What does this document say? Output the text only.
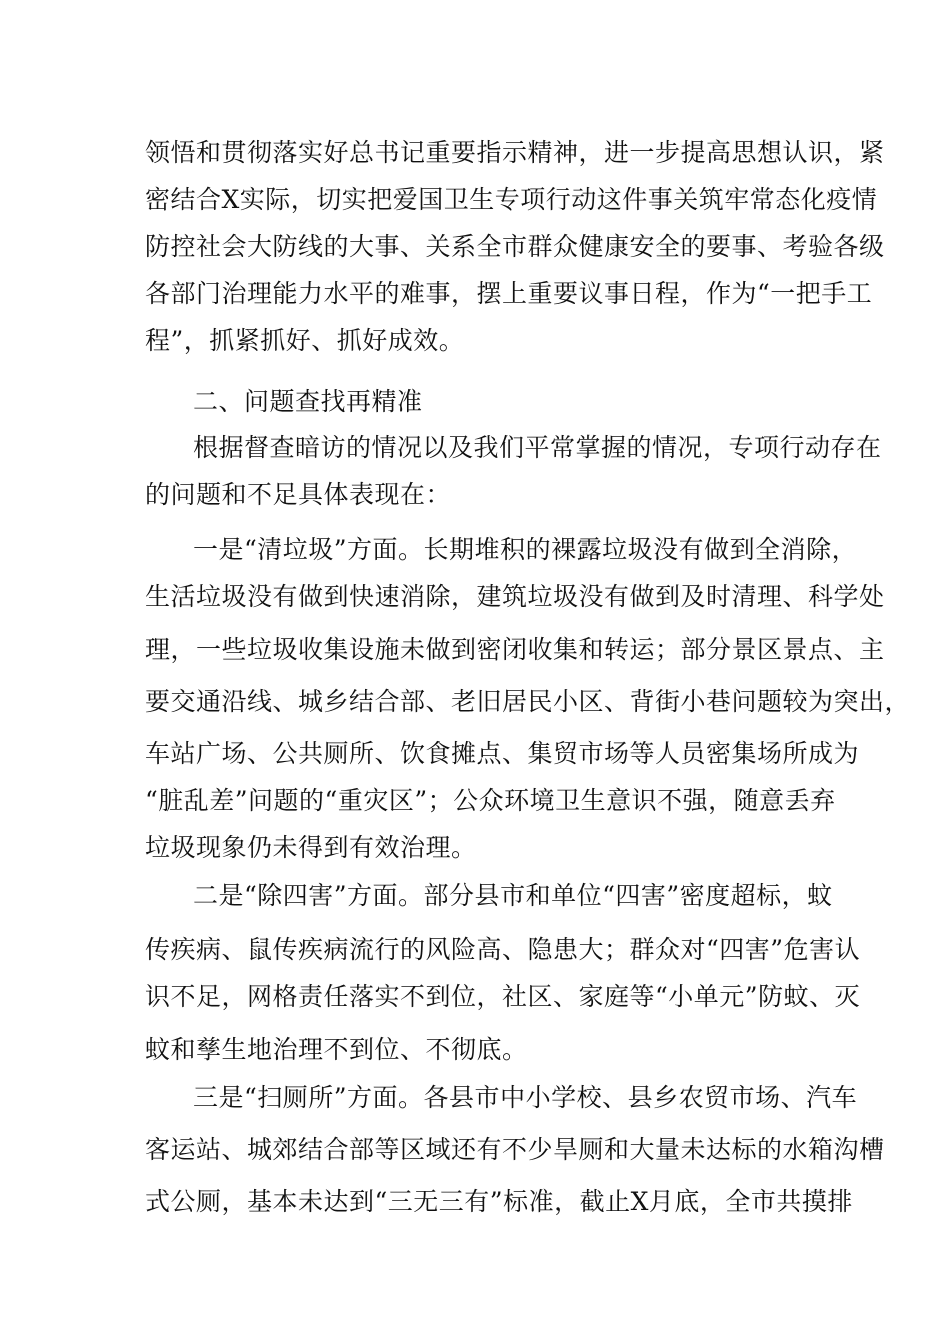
领悟和贯彻落实好总书记重要指示精神，进一步提高思想认识，紧
密结合X实际，切实把爱国卫生专项行动这件事关筑牢常态化疫情
防控社会大防线的大事、关系全市群众健康安全的要事、考验各级
各部门治理能力水平的难事，摆上重要议事日程，作为“一把手工
程”，抓紧抓好、抓好成效。
二、问题查找再精准
根据督查暗访的情况以及我们平常掌握的情况，专项行动存在
的问题和不足具体表现在：
一是“清垃圾”方面。长期堆积的裸露垃圾没有做到全消除，
生活垃圾没有做到快速消除，建筑垃圾没有做到及时清理、科学处
理，一些垃圾收集设施未做到密闭收集和转运；部分景区景点、主
要交通沿线、城乡结合部、老旧居民小区、背街小巷问题较为突出，
车站广场、公共厕所、饮食摊点、集贸市场等人员密集场所成为
“脏乱差”问题的“重灾区”；公众环境卫生意识不强，随意丢弃
垃圾现象仍未得到有效治理。
二是“除四害”方面。部分县市和单位“四害”密度超标，蚊
传疾病、鼠传疾病流行的风险高、隐患大；群众对“四害”危害认
识不足，网格责任落实不到位，社区、家庭等“小单元”防蚊、灭
蚊和孳生地治理不到位、不彻底。
三是“扫厕所”方面。各县市中小学校、县乡农贸市场、汽车
客运站、城郊结合部等区域还有不少旱厕和大量未达标的水箱沟槽
式公厕，基本未达到“三无三有”标准，截止X月底，全市共摸排
